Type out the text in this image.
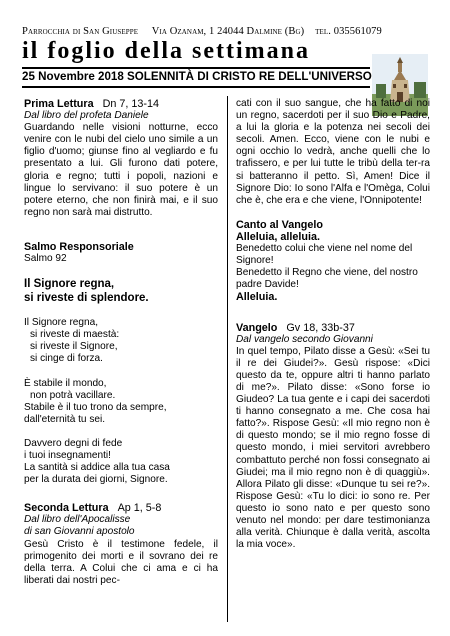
Parrocchia di San Giuseppe Via Ozanam, 1 24044 Dalmine (Bg) tel. 035561079
il foglio della settimana
25 Novembre 2018 SOLENNITÀ DI CRISTO RE DELL'UNIVERSO
Prima Lettura Dn 7, 13-14
Dal libro del profeta Daniele
Guardando nelle visioni notturne, ecco venire con le nubi del cielo uno simile a un figlio d'uomo; giunse fino al vegliardo e fu presentato a lui. Gli furono dati potere, gloria e regno; tutti i popoli, nazioni e lingue lo servivano: il suo potere è un potere eterno, che non finirà mai, e il suo regno non sarà mai distrutto.
Salmo Responsoriale
Salmo 92
Il Signore regna,
si riveste di splendore.
Il Signore regna,
si riveste di maestà:
si riveste il Signore,
si cinge di forza.
È stabile il mondo,
non potrà vacillare.
Stabile è il tuo trono da sempre,
dall'eternità tu sei.
Davvero degni di fede
i tuoi insegnamenti!
La santità si addice alla tua casa
per la durata dei giorni, Signore.
Seconda Lettura Ap 1, 5-8
Dal libro dell'Apocalisse
di san Giovanni apostolo
Gesù Cristo è il testimone fedele, il primogenito dei morti e il sovrano dei re della terra. A Colui che ci ama e ci ha liberati dai nostri pec-
cati con il suo sangue, che ha fatto di noi un regno, sacerdoti per il suo Dio e Padre, a lui la gloria e la potenza nei secoli dei secoli. Amen. Ecco, viene con le nubi e ogni occhio lo vedrà, anche quelli che lo trafissero, e per lui tutte le tribù della ter-ra si batteranno il petto. Sì, Amen! Dice il Signore Dio: Io sono l'Alfa e l'Omèga, Colui che è, che era e che viene, l'Onnipotente!
Canto al Vangelo
Alleluia, alleluia.
Benedetto colui che viene nel nome del Signore!
Benedetto il Regno che viene, del nostro padre Davide!
Alleluia.
Vangelo Gv 18, 33b-37
Dal vangelo secondo Giovanni
In quel tempo, Pilato disse a Gesù: «Sei tu il re dei Giudei?». Gesù rispose: «Dici questo da te, oppure altri ti hanno parlato di me?». Pilato disse: «Sono forse io Giudeo? La tua gente e i capi dei sacerdoti ti hanno consegnato a me. Che cosa hai fatto?». Rispose Gesù: «Il mio regno non è di questo mondo; se il mio regno fosse di questo mondo, i miei servitori avrebbero combattuto perché non fossi consegnato ai Giudei; ma il mio regno non è di quaggiù». Allora Pilato gli disse: «Dunque tu sei re?». Rispose Gesù: «Tu lo dici: io sono re. Per questo io sono nato e per questo sono venuto nel mondo: per dare testimonianza alla verità. Chiunque è dalla verità, ascolta la mia voce».
